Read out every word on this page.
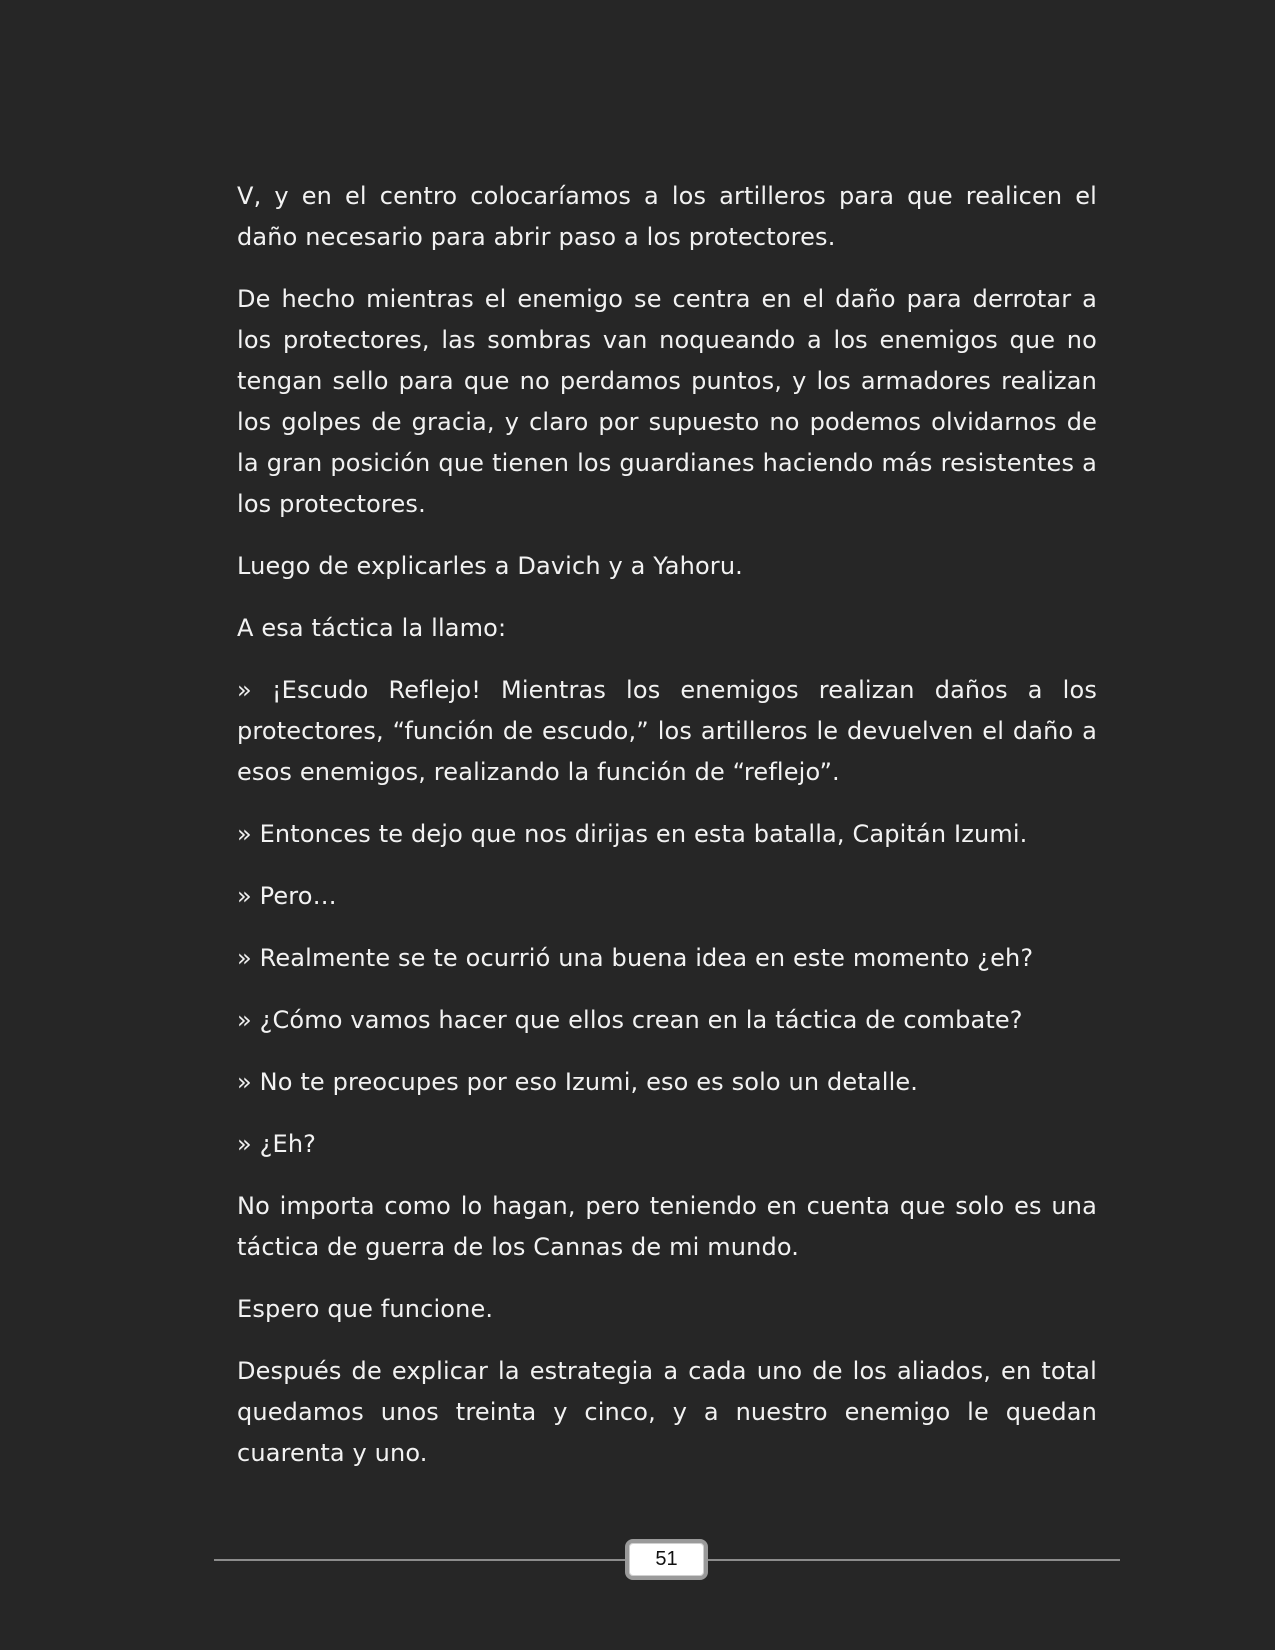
V, y en el centro colocaríamos a los artilleros para que realicen el daño necesario para abrir paso a los protectores.

De hecho mientras el enemigo se centra en el daño para derrotar a los protectores, las sombras van noqueando a los enemigos que no tengan sello para que no perdamos puntos, y los armadores realizan los golpes de gracia, y claro por supuesto no podemos olvidarnos de la gran posición que tienen los guardianes haciendo más resistentes a los protectores.

Luego de explicarles a Davich y a Yahoru.

A esa táctica la llamo:

» ¡Escudo Reflejo! Mientras los enemigos realizan daños a los protectores, “función de escudo,” los artilleros le devuelven el daño a esos enemigos, realizando la función de “reflejo”.

» Entonces te dejo que nos dirijas en esta batalla, Capitán Izumi.

» Pero…

» Realmente se te ocurrió una buena idea en este momento ¿eh?

» ¿Cómo vamos hacer que ellos crean en la táctica de combate?

» No te preocupes por eso Izumi, eso es solo un detalle.

» ¿Eh?

No importa como lo hagan, pero teniendo en cuenta que solo es una táctica de guerra de los Cannas de mi mundo.

Espero que funcione.

Después de explicar la estrategia a cada uno de los aliados, en total quedamos unos treinta y cinco, y a nuestro enemigo le quedan cuarenta y uno.

51
